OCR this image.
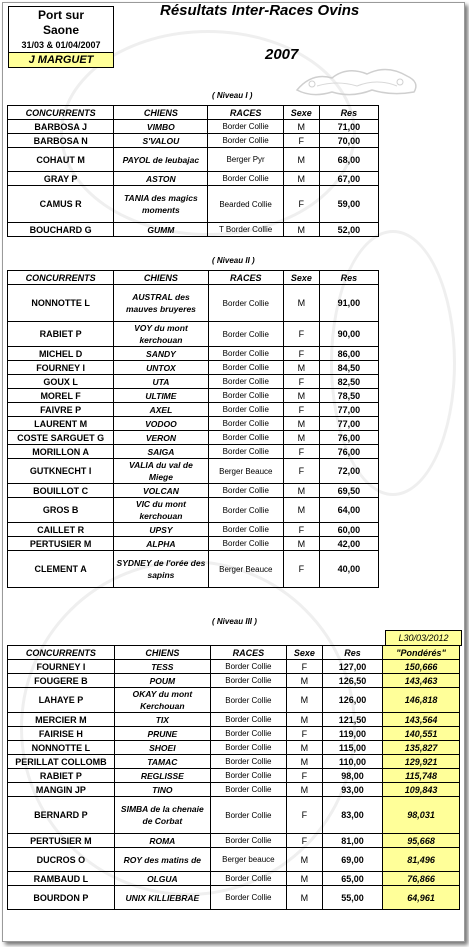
Port sur
Saone
31/03 & 01/04/2007
J MARGUET
Résultats Inter-Races Ovins
2007
( Niveau I )
CONCURRENTS	CHIENS	RACES	Sexe	Res
BARBOSA J	VIMBO	Border Collie	M	71,00
BARBOSA N	S'VALOU	Border Collie	F	70,00
COHAUT M	PAYOL de leubajac	Berger Pyr	M	68,00
GRAY P	ASTON	Border Collie	M	67,00
CAMUS R	TANIA des magics moments	Bearded Collie	F	59,00
BOUCHARD G	GUMM	T Border Collie	M	52,00
( Niveau II )
CONCURRENTS	CHIENS	RACES	Sexe	Res
NONNOTTE L	AUSTRAL des mauves bruyeres	Border Collie	M	91,00
RABIET P	VOY du mont kerchouan	Border Collie	F	90,00
MICHEL D	SANDY	Border Collie	F	86,00
FOURNEY I	UNTOX	Border Collie	M	84,50
GOUX L	UTA	Border Collie	F	82,50
MOREL F	ULTIME	Border Collie	M	78,50
FAIVRE P	AXEL	Border Collie	F	77,00
LAURENT M	VODOO	Border Collie	M	77,00
COSTE SARGUET G	VERON	Border Collie	M	76,00
MORILLON A	SAIGA	Border Collie	F	76,00
GUTKNECHT I	VALIA du val de Miege	Berger Beauce	F	72,00
BOUILLOT C	VOLCAN	Border Collie	M	69,50
GROS B	VIC du mont kerchouan	Border Collie	M	64,00
CAILLET R	UPSY	Border Collie	F	60,00
PERTUSIER M	ALPHA	Border Collie	M	42,00
CLEMENT A	SYDNEY de l'orée des sapins	Berger Beauce	F	40,00
( Niveau III )
L30/03/2012
CONCURRENTS	CHIENS	RACES	Sexe	Res	"Pondérés"
FOURNEY I	TESS	Border Collie	F	127,00	150,666
FOUGERE B	POUM	Border Collie	M	126,50	143,463
LAHAYE P	OKAY du mont Kerchouan	Border Collie	M	126,00	146,818
MERCIER M	TIX	Border Collie	M	121,50	143,564
FAIRISE H	PRUNE	Border Collie	F	119,00	140,551
NONNOTTE L	SHOEI	Border Collie	M	115,00	135,827
PERILLAT COLLOMB	TAMAC	Border Collie	M	110,00	129,921
RABIET P	REGLISSE	Border Collie	F	98,00	115,748
MANGIN JP	TINO	Border Collie	M	93,00	109,843
BERNARD P	SIMBA de la chenaie de Corbat	Border Collie	F	83,00	98,031
PERTUSIER M	ROMA	Border Collie	F	81,00	95,668
DUCROS O	ROY des matins de	Berger beauce	M	69,00	81,496
RAMBAUD L	OLGUA	Border Collie	M	65,00	76,866
BOURDON P	UNIX KILLIEBRAE	Border Collie	M	55,00	64,961
